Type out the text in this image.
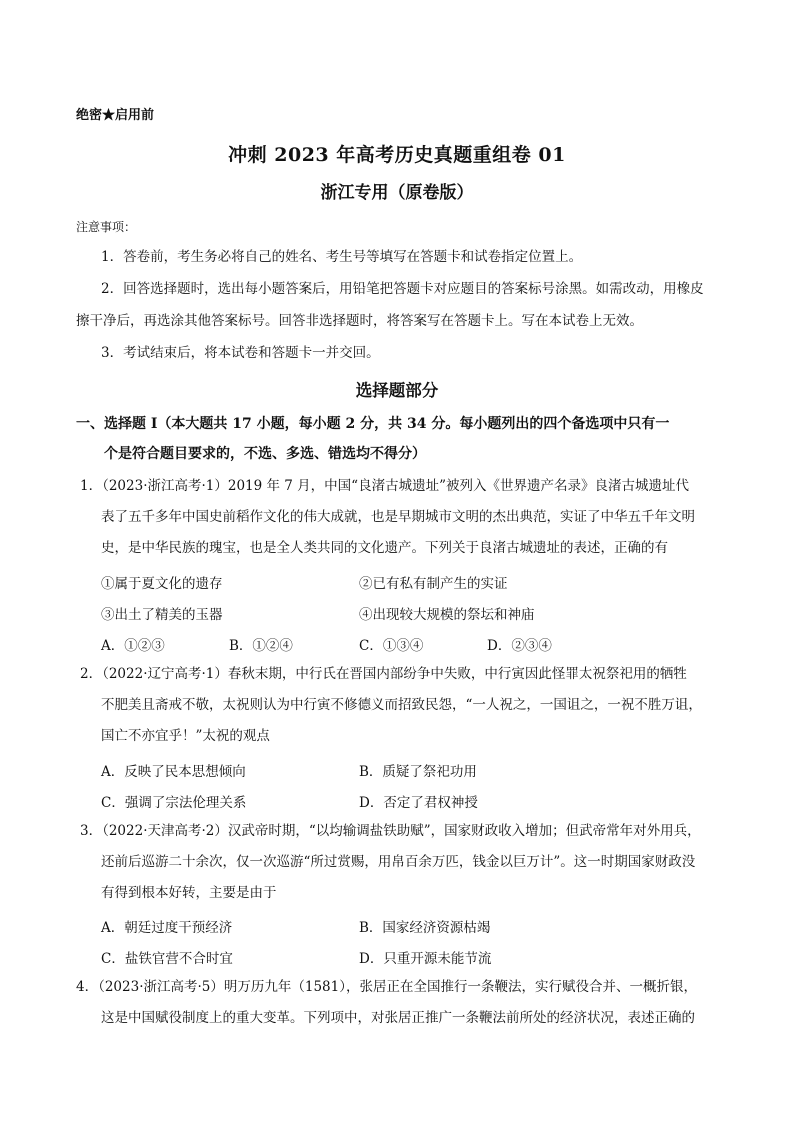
绝密★启用前
冲刺 2023 年高考历史真题重组卷 01
浙江专用（原卷版）
注意事项：
1．答卷前，考生务必将自己的姓名、考生号等填写在答题卡和试卷指定位置上。
2．回答选择题时，选出每小题答案后，用铅笔把答题卡对应题目的答案标号涂黑。如需改动，用橡皮
擦干净后，再选涂其他答案标号。回答非选择题时，将答案写在答题卡上。写在本试卷上无效。
3．考试结束后，将本试卷和答题卡一并交回。
选择题部分
一、选择题 I（本大题共 17 小题，每小题 2 分，共 34 分。每小题列出的四个备选项中只有一
个是符合题目要求的，不选、多选、错选均不得分）
1．（2023·浙江高考·1）2019 年 7 月，中国“良渚古城遗址”被列入《世界遗产名录》良渚古城遗址代
表了五千多年中国史前稻作文化的伟大成就，也是早期城市文明的杰出典范，实证了中华五千年文明
史，是中华民族的瑰宝，也是全人类共同的文化遗产。下列关于良渚古城遗址的表述，正确的有
①属于夏文化的遗存	②已有私有制产生的实证
③出土了精美的玉器	④出现较大规模的祭坛和神庙
A．①②③	B．①②④	C．①③④	D．②③④
2．（2022·辽宁高考·1）春秋末期，中行氏在晋国内部纷争中失败，中行寅因此怪罪太祝祭祀用的牺牲
不肥美且斋戒不敬，太祝则认为中行寅不修德义而招致民怨，“一人祝之，一国诅之，一祝不胜万诅，
国亡不亦宜乎！”太祝的观点
A．反映了民本思想倾向	B．质疑了祭祀功用
C．强调了宗法伦理关系	D．否定了君权神授
3．（2022·天津高考·2）汉武帝时期，“以均输调盐铁助赋”，国家财政收入增加；但武帝常年对外用兵，
还前后巡游二十余次，仅一次巡游“所过赏赐，用帛百余万匹，钱金以巨万计”。这一时期国家财政没
有得到根本好转，主要是由于
A．朝廷过度干预经济	B．国家经济资源枯竭
C．盐铁官营不合时宜	D．只重开源未能节流
4．（2023·浙江高考·5）明万历九年（1581），张居正在全国推行一条鞭法，实行赋役合并、一概折银，
这是中国赋役制度上的重大变革。下列项中，对张居正推广一条鞭法前所处的经济状况，表述正确的
